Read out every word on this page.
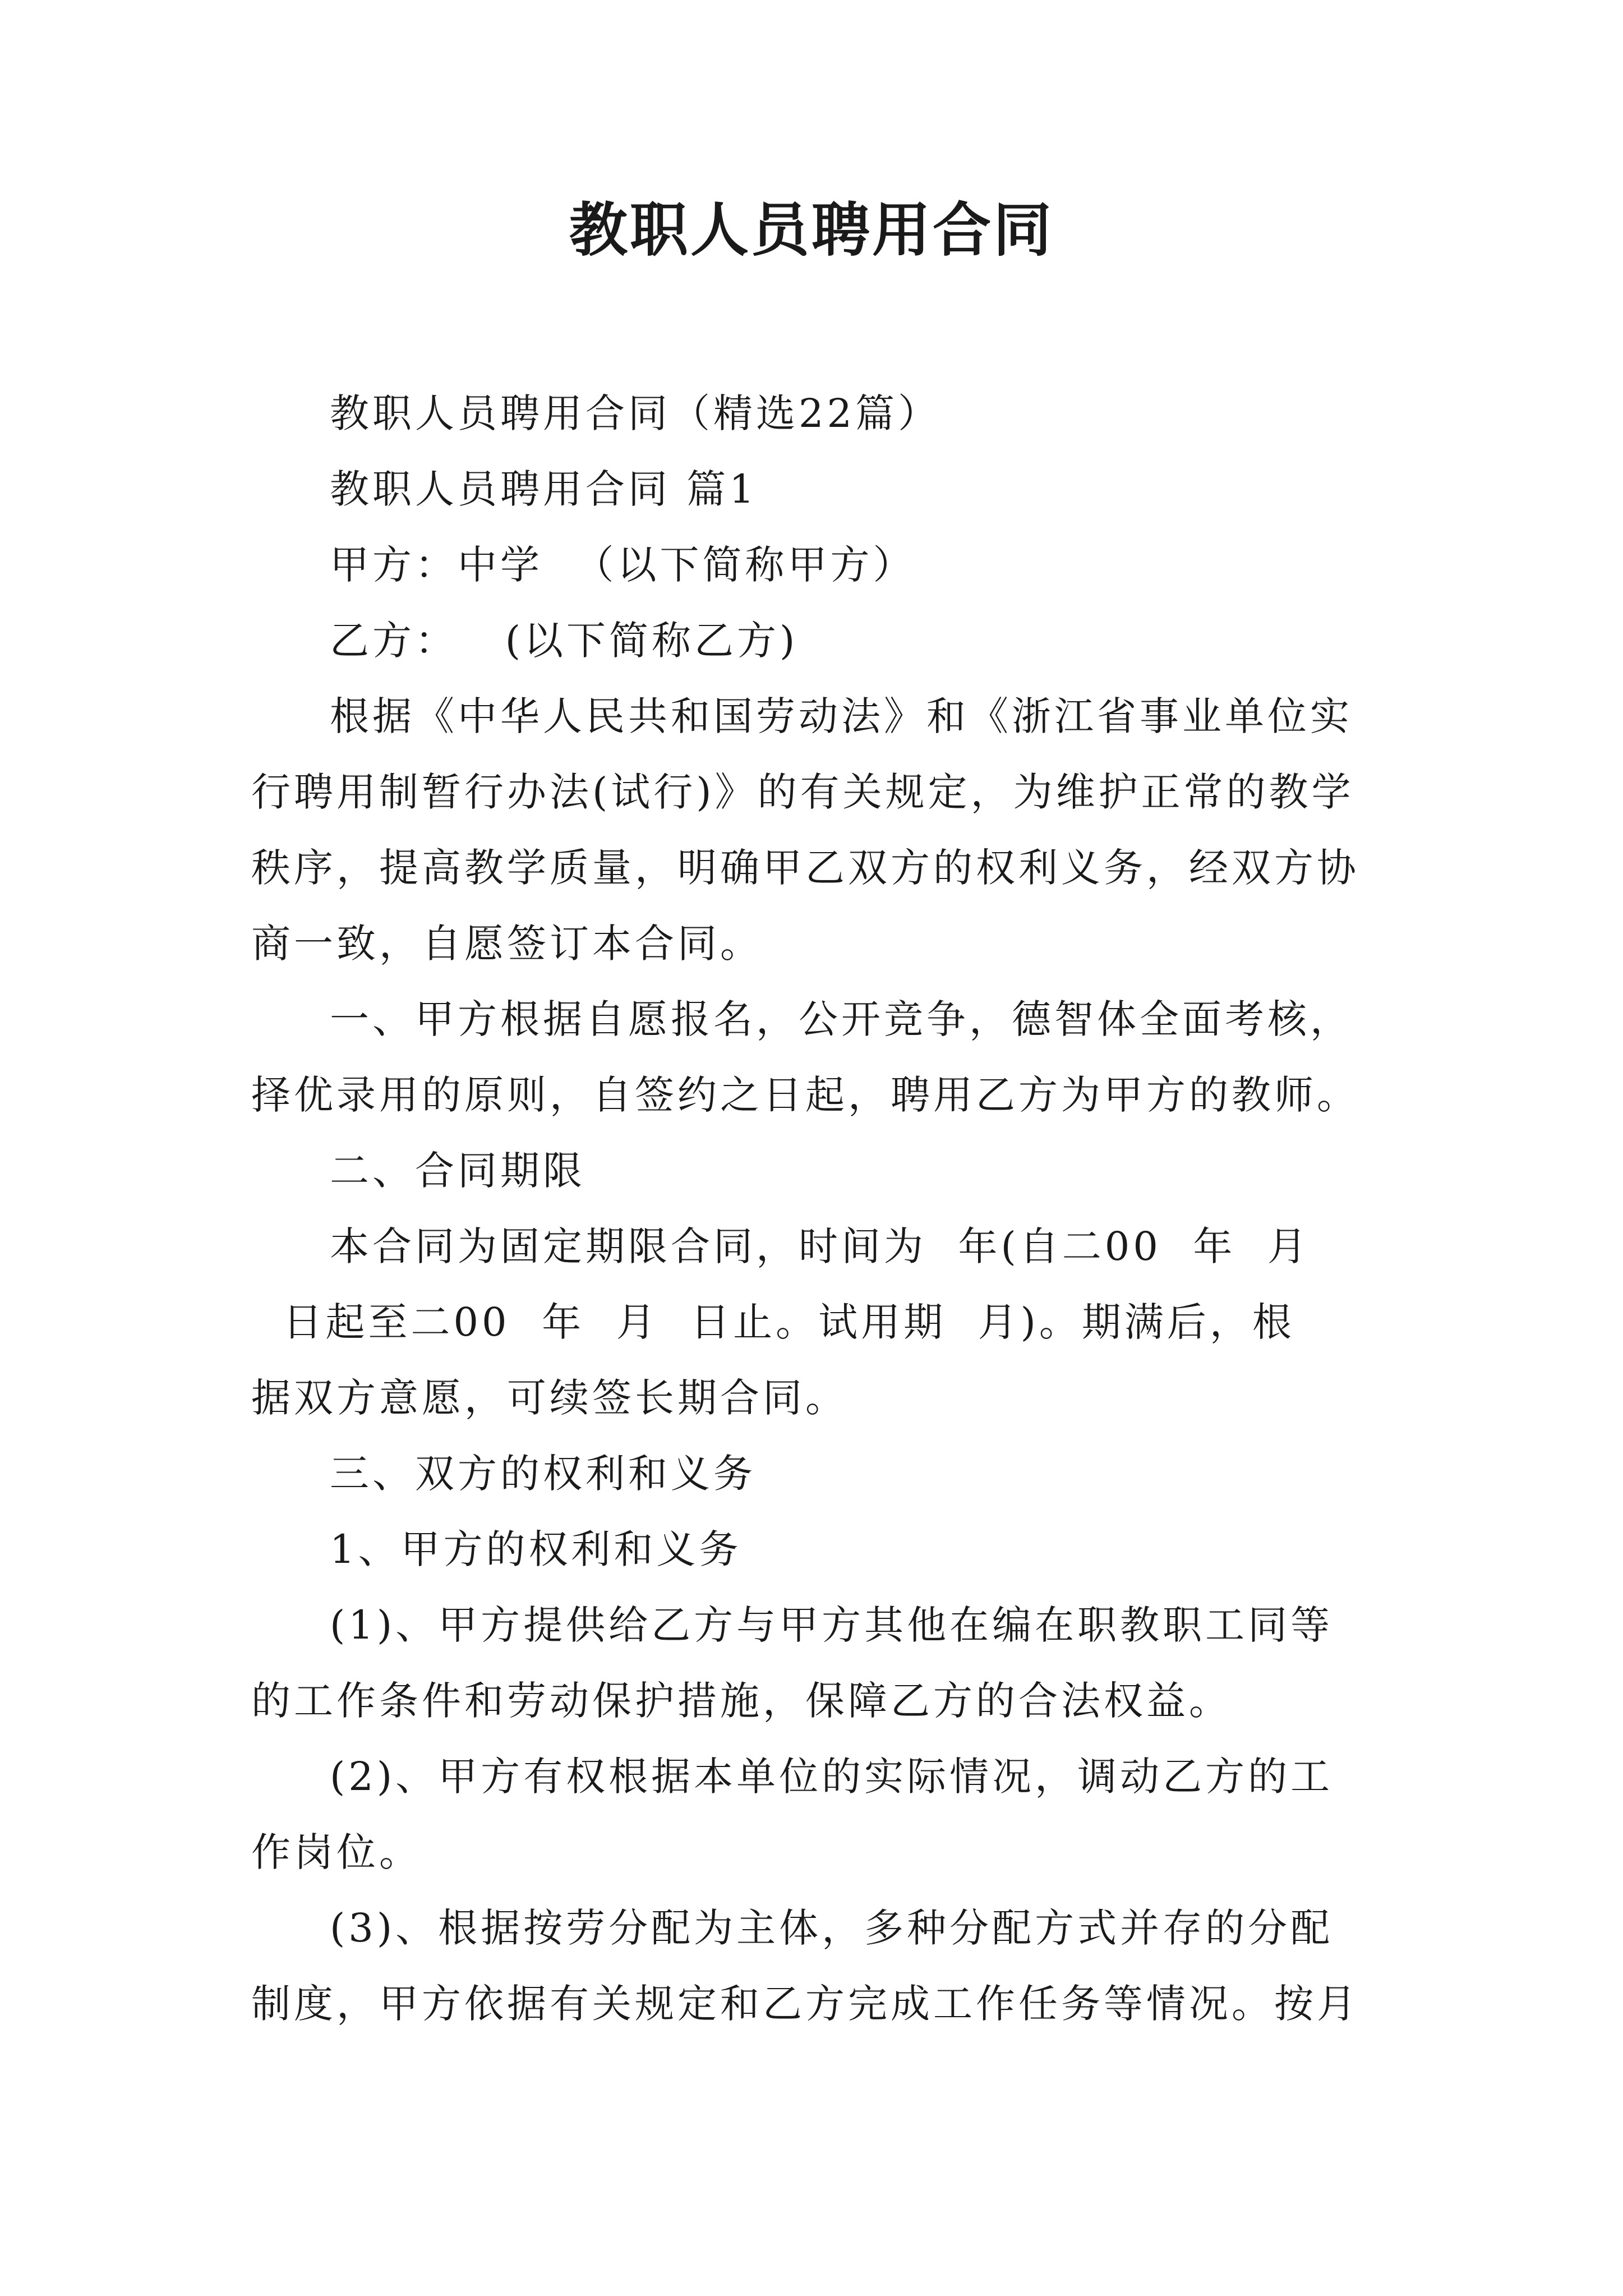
教职人员聘用合同
教职人员聘用合同（精选22篇）
教职人员聘用合同 篇1
甲方：中学  （以下简称甲方）
乙方：   (以下简称乙方)
根据《中华人民共和国劳动法》和《浙江省事业单位实
行聘用制暂行办法(试行)》的有关规定，为维护正常的教学
秩序，提高教学质量，明确甲乙双方的权利义务，经双方协
商一致，自愿签订本合同。
一、甲方根据自愿报名，公开竞争，德智体全面考核，
择优录用的原则，自签约之日起，聘用乙方为甲方的教师。
二、合同期限
本合同为固定期限合同，时间为  年(自二00  年  月
日起至二00  年  月  日止。试用期  月)。期满后，根
据双方意愿，可续签长期合同。
三、双方的权利和义务
1、甲方的权利和义务
(1)、甲方提供给乙方与甲方其他在编在职教职工同等
的工作条件和劳动保护措施，保障乙方的合法权益。
(2)、甲方有权根据本单位的实际情况，调动乙方的工
作岗位。
(3)、根据按劳分配为主体，多种分配方式并存的分配
制度，甲方依据有关规定和乙方完成工作任务等情况。按月
